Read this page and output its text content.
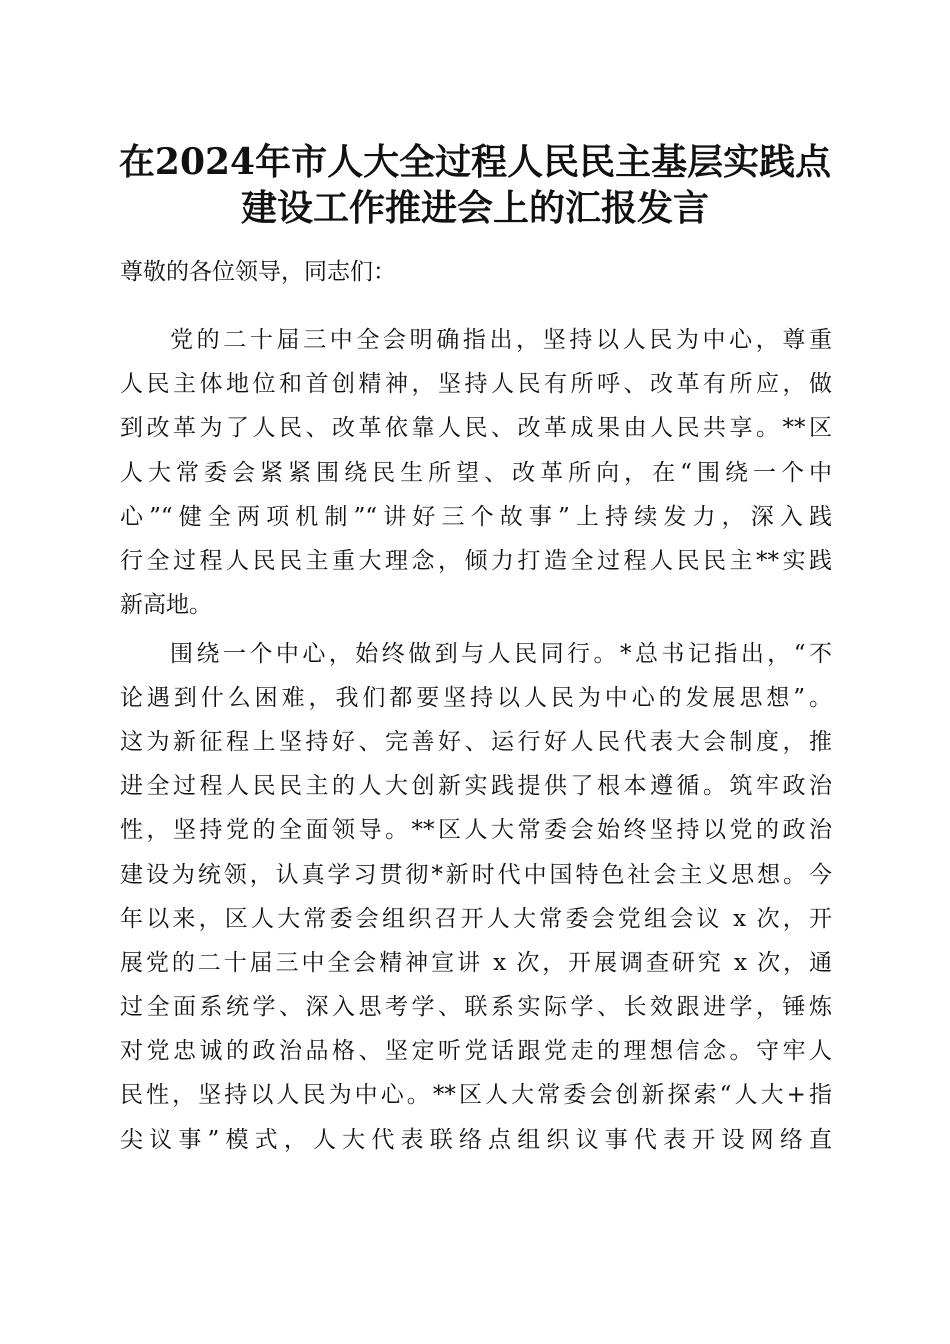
在2024年市人大全过程人民民主基层实践点
建设工作推进会上的汇报发言
尊敬的各位领导，同志们：
党的二十届三中全会明确指出，坚持以人民为中心，尊重
人民主体地位和首创精神，坚持人民有所呼、改革有所应，做
到改革为了人民、改革依靠人民、改革成果由人民共享。**区
人大常委会紧紧围绕民生所望、改革所向，在“围绕一个中
心”“健全两项机制”“讲好三个故事”上持续发力，深入践
行全过程人民民主重大理念，倾力打造全过程人民民主**实践
新高地。
围绕一个中心，始终做到与人民同行。*总书记指出，“不
论遇到什么困难，我们都要坚持以人民为中心的发展思想”。
这为新征程上坚持好、完善好、运行好人民代表大会制度，推
进全过程人民民主的人大创新实践提供了根本遵循。筑牢政治
性，坚持党的全面领导。**区人大常委会始终坚持以党的政治
建设为统领，认真学习贯彻*新时代中国特色社会主义思想。今
年以来，区人大常委会组织召开人大常委会党组会议 x 次，开
展党的二十届三中全会精神宣讲 x 次，开展调查研究 x 次，通
过全面系统学、深入思考学、联系实际学、长效跟进学，锤炼
对党忠诚的政治品格、坚定听党话跟党走的理想信念。守牢人
民性，坚持以人民为中心。**区人大常委会创新探索“人大+指
尖议事”模式，人大代表联络点组织议事代表开设网络直
